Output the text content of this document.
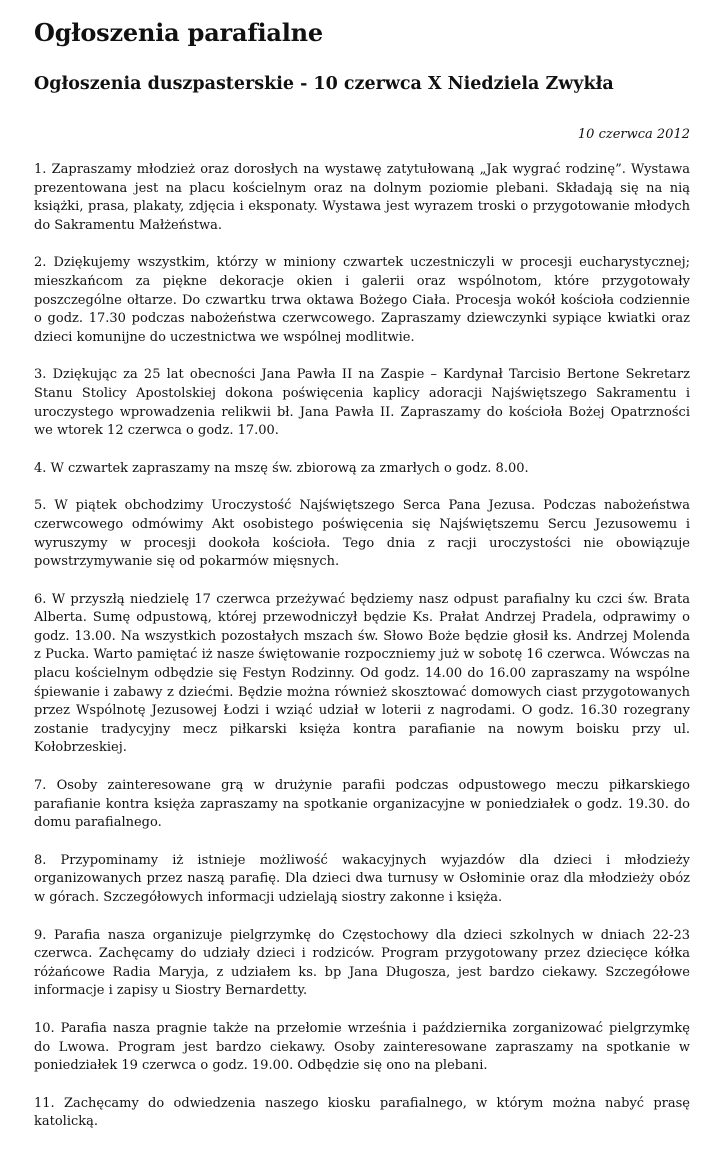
Ogłoszenia parafialne
Ogłoszenia duszpasterskie - 10 czerwca X Niedziela Zwykła
10 czerwca 2012

1. Zapraszamy młodzież oraz dorosłych na wystawę zatytułowaną „Jak wygrać rodzinę”. Wystawa prezentowana jest na placu kościelnym oraz na dolnym poziomie plebani. Składają się na nią książki, prasa, plakaty, zdjęcia i eksponaty. Wystawa jest wyrazem troski o przygotowanie młodych do Sakramentu Małżeństwa.

2. Dziękujemy wszystkim, którzy w miniony czwartek uczestniczyli w procesji eucharystycznej; mieszkańcom za piękne dekoracje okien i galerii oraz wspólnotom, które przygotowały poszczególne ołtarze. Do czwartku trwa oktawa Bożego Ciała. Procesja wokół kościoła codziennie o godz. 17.30 podczas nabożeństwa czerwcowego. Zapraszamy dziewczynki sypiące kwiatki oraz dzieci komunijne do uczestnictwa we wspólnej modlitwie.

3. Dziękując za 25 lat obecności Jana Pawła II na Zaspie – Kardynał Tarcisio Bertone Sekretarz Stanu Stolicy Apostolskiej dokona poświęcenia kaplicy adoracji Najświętszego Sakramentu i uroczystego wprowadzenia relikwii bł. Jana Pawła II. Zapraszamy do kościoła Bożej Opatrzności we wtorek 12 czerwca o godz. 17.00.

4. W czwartek zapraszamy na mszę św. zbiorową za zmarłych o godz. 8.00.

5. W piątek obchodzimy Uroczystość Najświętszego Serca Pana Jezusa. Podczas nabożeństwa czerwcowego odmówimy Akt osobistego poświęcenia się Najświętszemu Sercu Jezusowemu i wyruszymy w procesji dookoła kościoła. Tego dnia z racji uroczystości nie obowiązuje powstrzymywanie się od pokarmów mięsnych.

6. W przyszłą niedzielę 17 czerwca przeżywać będziemy nasz odpust parafialny ku czci św. Brata Alberta. Sumę odpustową, której przewodniczył będzie Ks. Prałat Andrzej Pradela, odprawimy o godz. 13.00. Na wszystkich pozostałych mszach św. Słowo Boże będzie głosił ks. Andrzej Molenda z Pucka. Warto pamiętać iż nasze świętowanie rozpoczniemy już w sobotę 16 czerwca. Wówczas na placu kościelnym odbędzie się Festyn Rodzinny. Od godz. 14.00 do 16.00 zapraszamy na wspólne śpiewanie i zabawy z dziećmi. Będzie można również skosztować domowych ciast przygotowanych przez Wspólnotę Jezusowej Łodzi i wziąć udział w loterii z nagrodami. O godz. 16.30 rozegrany zostanie tradycyjny mecz piłkarski księża kontra parafianie na nowym boisku przy ul. Kołobrzeskiej.

7. Osoby zainteresowane grą w drużynie parafii podczas odpustowego meczu piłkarskiego parafianie kontra księża zapraszamy na spotkanie organizacyjne w poniedziałek o godz. 19.30. do domu parafialnego.

8. Przypominamy iż istnieje możliwość wakacyjnych wyjazdów dla dzieci i młodzieży organizowanych przez naszą parafię. Dla dzieci dwa turnusy w Osłominie oraz dla młodzieży obóz w górach. Szczegółowych informacji udzielają siostry zakonne i księża.

9. Parafia nasza organizuje pielgrzymkę do Częstochowy dla dzieci szkolnych w dniach 22-23 czerwca. Zachęcamy do udziały dzieci i rodziców. Program przygotowany przez dziecięce kółka różańcowe Radia Maryja, z udziałem ks. bp Jana Długosza, jest bardzo ciekawy. Szczegółowe informacje i zapisy u Siostry Bernardetty.

10. Parafia nasza pragnie także na przełomie września i października zorganizować pielgrzymkę do Lwowa. Program jest bardzo ciekawy. Osoby zainteresowane zapraszamy na spotkanie w poniedziałek 19 czerwca o godz. 19.00. Odbędzie się ono na plebani.

11. Zachęcamy do odwiedzenia naszego kiosku parafialnego, w którym można nabyć prasę katolicką.
